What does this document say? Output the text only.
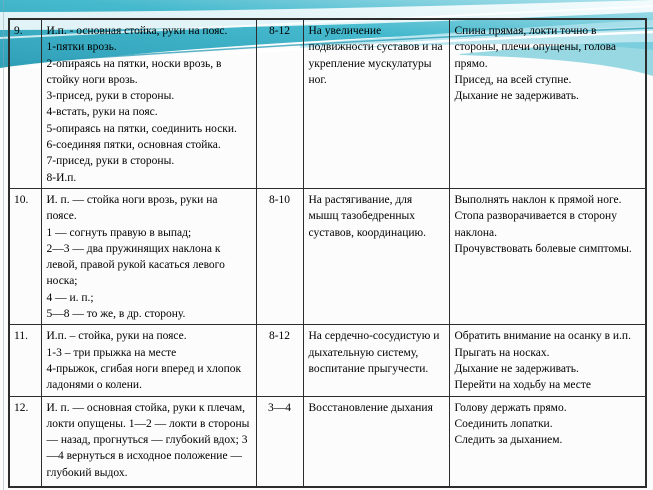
9.	И.п. - основная стойка, руки на пояс.
1-пятки врозь.
2-опираясь на пятки, носки врозь, в стойку ноги врозь.
3-присед, руки в стороны.
4-встать, руки на пояс.
5-опираясь на пятки, соединить носки.
6-соединяя пятки, основная стойка.
7-присед, руки в стороны.
8-И.п.
	8-12	На увеличение подвижности суставов и на укрепление мускулатуры ног.	
Спина прямая, локти точно в стороны, плечи опущены, голова прямо.
Присед, на всей ступне.
Дыхание не задерживать.

10.	И. п. — стойка ноги врозь, руки на поясе.
1 — согнуть правую в выпад;
2—3 — два пружинящих наклона к левой, правой рукой касаться левого носка;
4 — и. п.;
5—8 — то же, в др. сторону.
	8-10	На растягивание, для мышц тазобедренных суставов, координацию.	
Выполнять наклон к прямой ноге.
Стопа разворачивается в сторону наклона.
Прочувствовать болевые симптомы.

11.	И.п. – стойка, руки на поясе.
1-3 – три прыжка на месте
4-прыжок, сгибая ноги вперед и хлопок ладонями о колени.
	8-12	На сердечно-сосудистую и дыхательную систему, воспитание прыгучести.	
Обратить внимание на осанку в и.п.
Прыгать на носках.
Дыхание не задерживать.
Перейти на ходьбу на месте

12.	И. п. — основная стойка, руки к плечам, локти опущены. 1—2 — локти в стороны — назад, прогнуться — глубокий вдох; 3—4 вернуться в исходное положение — глубокий выдох.	3—4	Восстановление дыхания	Голову держать прямо.
Соединить лопатки.
Следить за дыханием.
